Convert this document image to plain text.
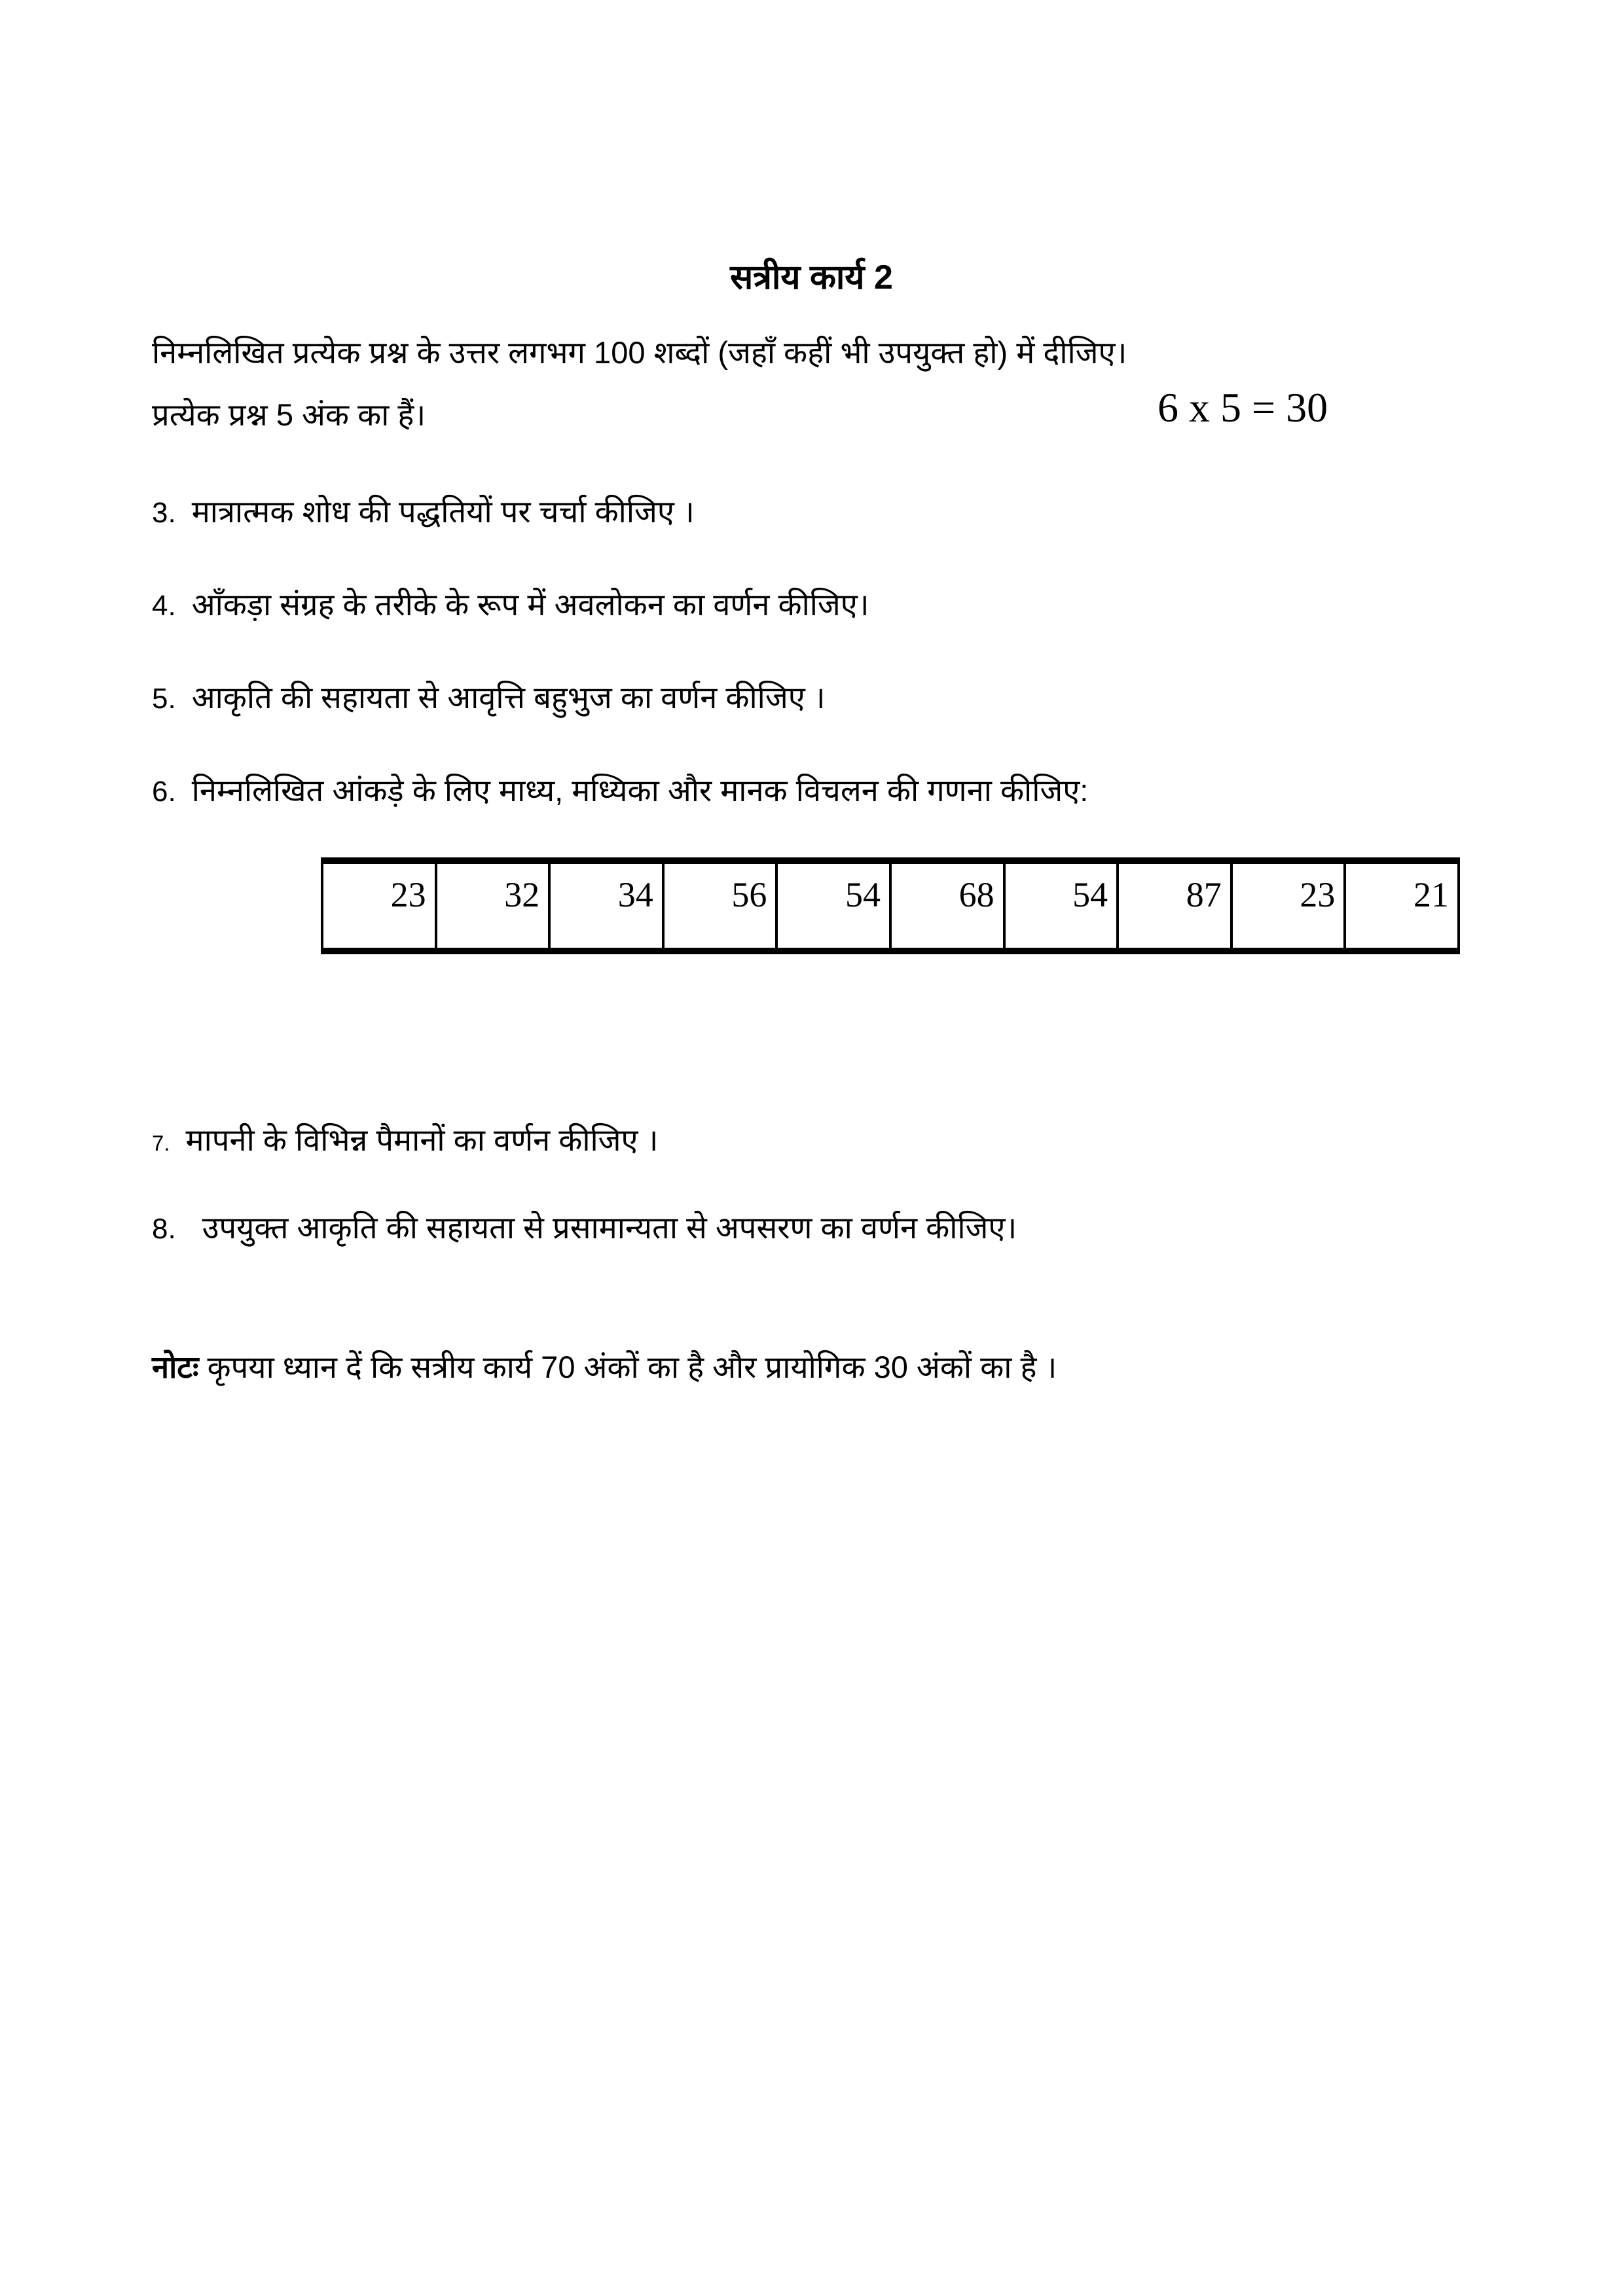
सत्रीय कार्य 2
निम्नलिखित प्रत्येक प्रश्न के उत्तर लगभग 100 शब्दों (जहाँ कहीं भी उपयुक्त हो) में दीजिए।
प्रत्येक प्रश्न 5 अंक का हैं।	6 x 5 = 30
3. मात्रात्मक शोध की पद्धतियों पर चर्चा कीजिए ।
4. आँकड़ा संग्रह के तरीके के रूप में अवलोकन का वर्णन कीजिए।
5. आकृति की सहायता से आवृत्ति बहुभुज का वर्णन कीजिए ।
6. निम्नलिखित आंकड़े के लिए माध्य, मध्यिका और मानक विचलन की गणना कीजिए:
23	32	34	56	54	68	54	87	23	21
7. मापनी के विभिन्न पैमानों का वर्णन कीजिए ।
8. उपयुक्त आकृति की सहायता से प्रसामान्यता से अपसरण का वर्णन कीजिए।
नोटः कृपया ध्यान दें कि सत्रीय कार्य 70 अंकों का है और प्रायोगिक 30 अंकों का है ।
